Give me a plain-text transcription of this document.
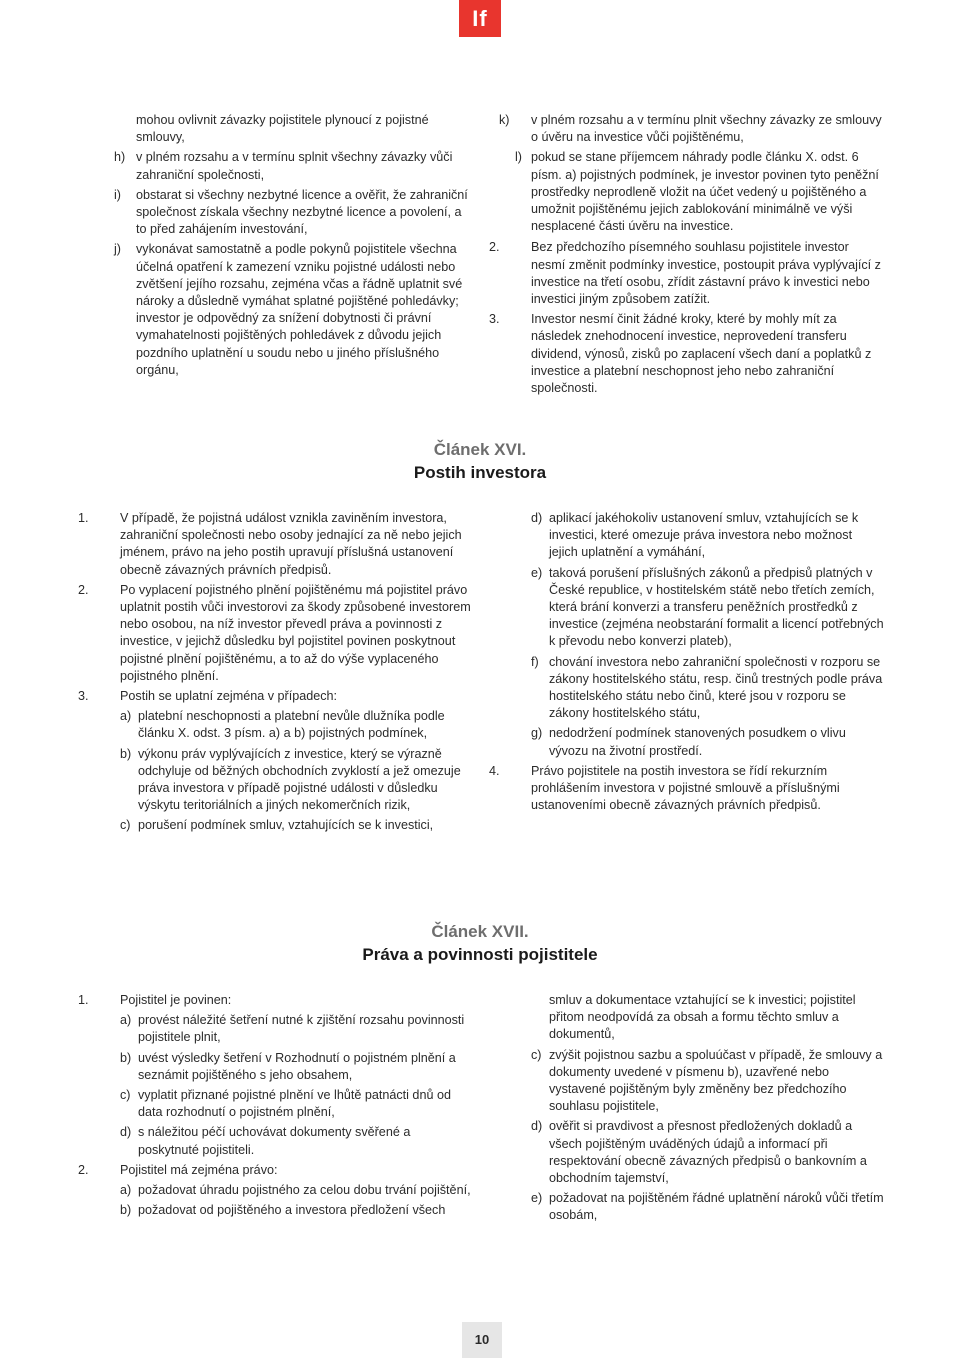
If
mohou ovlivnit závazky pojistitele plynoucí z pojistné smlouvy,
h) v plném rozsahu a v termínu splnit všechny závazky vůči zahraniční společnosti,
i) obstarat si všechny nezbytné licence a ověřit, že zahraniční společnost získala všechny nezbytné licence a povolení, a to před zahájením investování,
j) vykonávat samostatně a podle pokynů pojistitele všechna účelná opatření k zamezení vzniku pojistné události nebo zvětšení jejího rozsahu, zejména včas a řádně uplatnit své nároky a důsledně vymáhat splatné pojištěné pohledávky; investor je odpovědný za snížení dobytnosti či právní vymahatelnosti pojištěných pohledávek z důvodu jejich pozdního uplatnění u soudu nebo u jiného příslušného orgánu,
k) v plném rozsahu a v termínu plnit všechny závazky ze smlouvy o úvěru na investice vůči pojištěnému,
l) pokud se stane příjemcem náhrady podle článku X. odst. 6 písm. a) pojistných podmínek, je investor povinen tyto peněžní prostředky neprodleně vložit na účet vedený u pojištěného a umožnit pojištěnému jejich zablokování minimálně ve výši nesplacené části úvěru na investice.
2. Bez předchozího písemného souhlasu pojistitele investor nesmí změnit podmínky investice, postoupit práva vyplývající z investice na třetí osobu, zřídit zástavní právo k investici nebo investici jiným způsobem zatížit.
3. Investor nesmí činit žádné kroky, které by mohly mít za následek znehodnocení investice, neprovedení transferu dividend, výnosů, zisků po zaplacení všech daní a poplatků z investice a platební neschopnost jeho nebo zahraniční společnosti.
Článek XVI.
Postih investora
1. V případě, že pojistná událost vznikla zaviněním investora, zahraniční společnosti nebo osoby jednající za ně nebo jejich jménem, právo na jeho postih upravují příslušná ustanovení obecně závazných právních předpisů.
2. Po vyplacení pojistného plnění pojištěnému má pojistitel právo uplatnit postih vůči investorovi za škody způsobené investorem nebo osobou, na níž investor převedl práva a povinnosti z investice, v jejichž důsledku byl pojistitel povinen poskytnout pojistné plnění pojištěnému, a to až do výše vyplaceného pojistného plnění.
3. Postih se uplatní zejména v případech:
a) platební neschopnosti a platební nevůle dlužníka podle článku X. odst. 3 písm. a) a b) pojistných podmínek,
b) výkonu práv vyplývajících z investice, který se výrazně odchyluje od běžných obchodních zvyklostí a jež omezuje práva investora v případě pojistné události v důsledku výskytu teritoriálních a jiných nekomerčních rizik,
c) porušení podmínek smluv, vztahujících se k investici,
d) aplikací jakéhokoliv ustanovení smluv, vztahujících se k investici, které omezuje práva investora nebo možnost jejich uplatnění a vymáhání,
e) taková porušení příslušných zákonů a předpisů platných v České republice, v hostitelském státě nebo třetích zemích, která brání konverzi a transferu peněžních prostředků z investice (zejména neobstarání formalit a licencí potřebných k převodu nebo konverzi plateb),
f) chování investora nebo zahraniční společnosti v rozporu se zákony hostitelského státu, resp. činů trestných podle práva hostitelského státu nebo činů, které jsou v rozporu se zákony hostitelského státu,
g) nedodržení podmínek stanovených posudkem o vlivu vývozu na životní prostředí.
4. Právo pojistitele na postih investora se řídí rekurzním prohlášením investora v pojistné smlouvě a příslušnými ustanoveními obecně závazných právních předpisů.
Článek XVII.
Práva a povinnosti pojistitele
1. Pojistitel je povinen:
a) provést náležité šetření nutné k zjištění rozsahu povinnosti pojistitele plnit,
b) uvést výsledky šetření v Rozhodnutí o pojistném plnění a seznámit pojištěného s jeho obsahem,
c) vyplatit přiznané pojistné plnění ve lhůtě patnácti dnů od data rozhodnutí o pojistném plnění,
d) s náležitou péčí uchovávat dokumenty svěřené a poskytnuté pojistiteli.
2. Pojistitel má zejména právo:
a) požadovat úhradu pojistného za celou dobu trvání pojištění,
b) požadovat od pojištěného a investora předložení všech
smluv a dokumentace vztahující se k investici; pojistitel přitom neodpovídá za obsah a formu těchto smluv a dokumentů,
c) zvýšit pojistnou sazbu a spoluúčast v případě, že smlouvy a dokumenty uvedené v písmenu b), uzavřené nebo vystavené pojištěným byly změněny bez předchozího souhlasu pojistitele,
d) ověřit si pravdivost a přesnost předložených dokladů a všech pojištěným uváděných údajů a informací při respektování obecně závazných předpisů o bankovním a obchodním tajemství,
e) požadovat na pojištěném řádné uplatnění nároků vůči třetím osobám,
10
